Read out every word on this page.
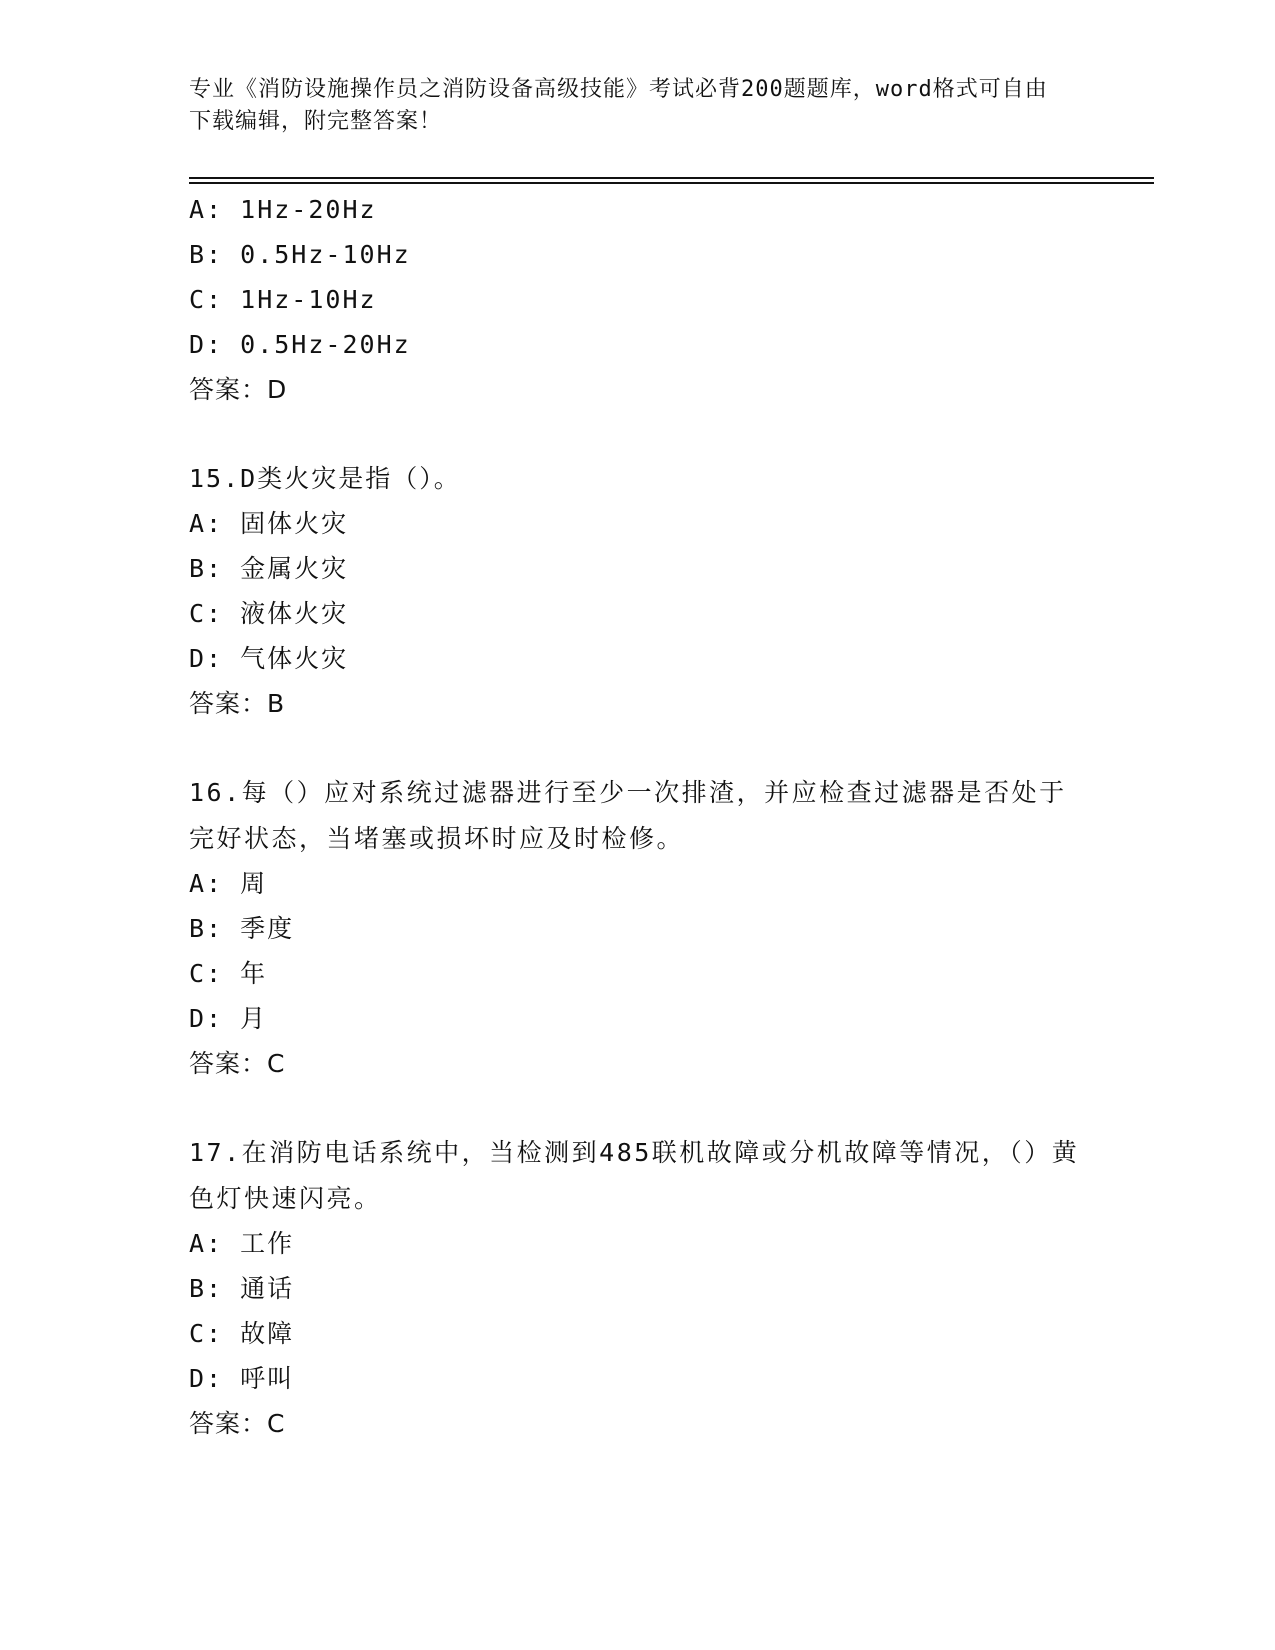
专业《消防设施操作员之消防设备高级技能》考试必背200题题库，word格式可自由下载编辑，附完整答案！
A: 1Hz-20Hz
B: 0.5Hz-10Hz
C: 1Hz-10Hz
D: 0.5Hz-20Hz
答案：D
15.D类火灾是指（）。
A: 固体火灾
B: 金属火灾
C: 液体火灾
D: 气体火灾
答案：B
16.每（）应对系统过滤器进行至少一次排渣，并应检查过滤器是否处于完好状态，当堵塞或损坏时应及时检修。
A: 周
B: 季度
C: 年
D: 月
答案：C
17.在消防电话系统中，当检测到485联机故障或分机故障等情况，（）黄色灯快速闪亮。
A: 工作
B: 通话
C: 故障
D: 呼叫
答案：C
